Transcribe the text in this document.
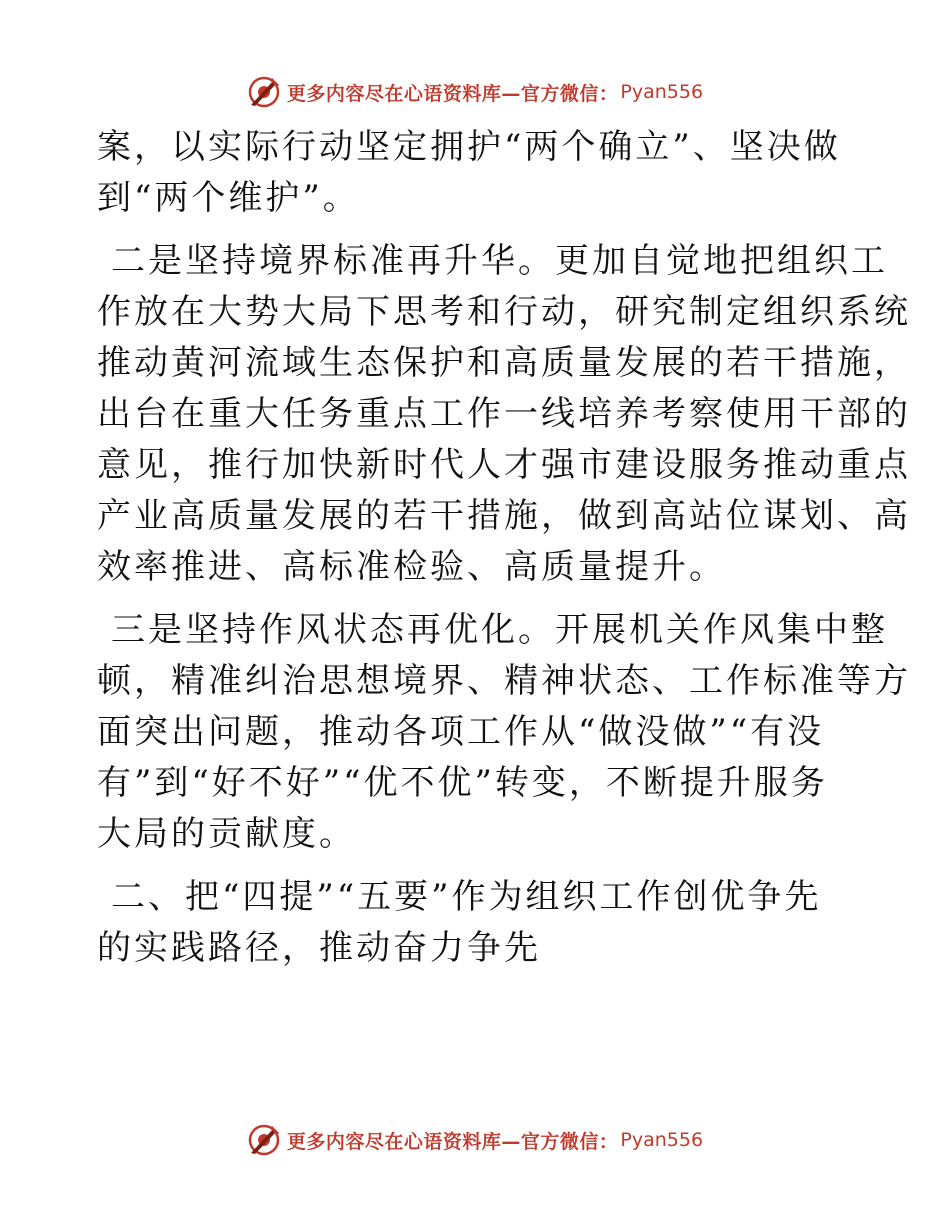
更多内容尽在心语资料库—官方微信： Pyan556

案，以实际行动坚定拥护“两个确立”、坚决做
到“两个维护”。

二是坚持境界标准再升华。更加自觉地把组织工
作放在大势大局下思考和行动，研究制定组织系统
推动黄河流域生态保护和高质量发展的若干措施，
出台在重大任务重点工作一线培养考察使用干部的
意见，推行加快新时代人才强市建设服务推动重点
产业高质量发展的若干措施，做到高站位谋划、高
效率推进、高标准检验、高质量提升。

三是坚持作风状态再优化。开展机关作风集中整
顿，精准纠治思想境界、精神状态、工作标准等方
面突出问题，推动各项工作从“做没做”“有没
有”到“好不好”“优不优”转变，不断提升服务
大局的贡献度。

二、把“四提”“五要”作为组织工作创优争先
的实践路径，推动奋力争先

更多内容尽在心语资料库—官方微信： Pyan556
